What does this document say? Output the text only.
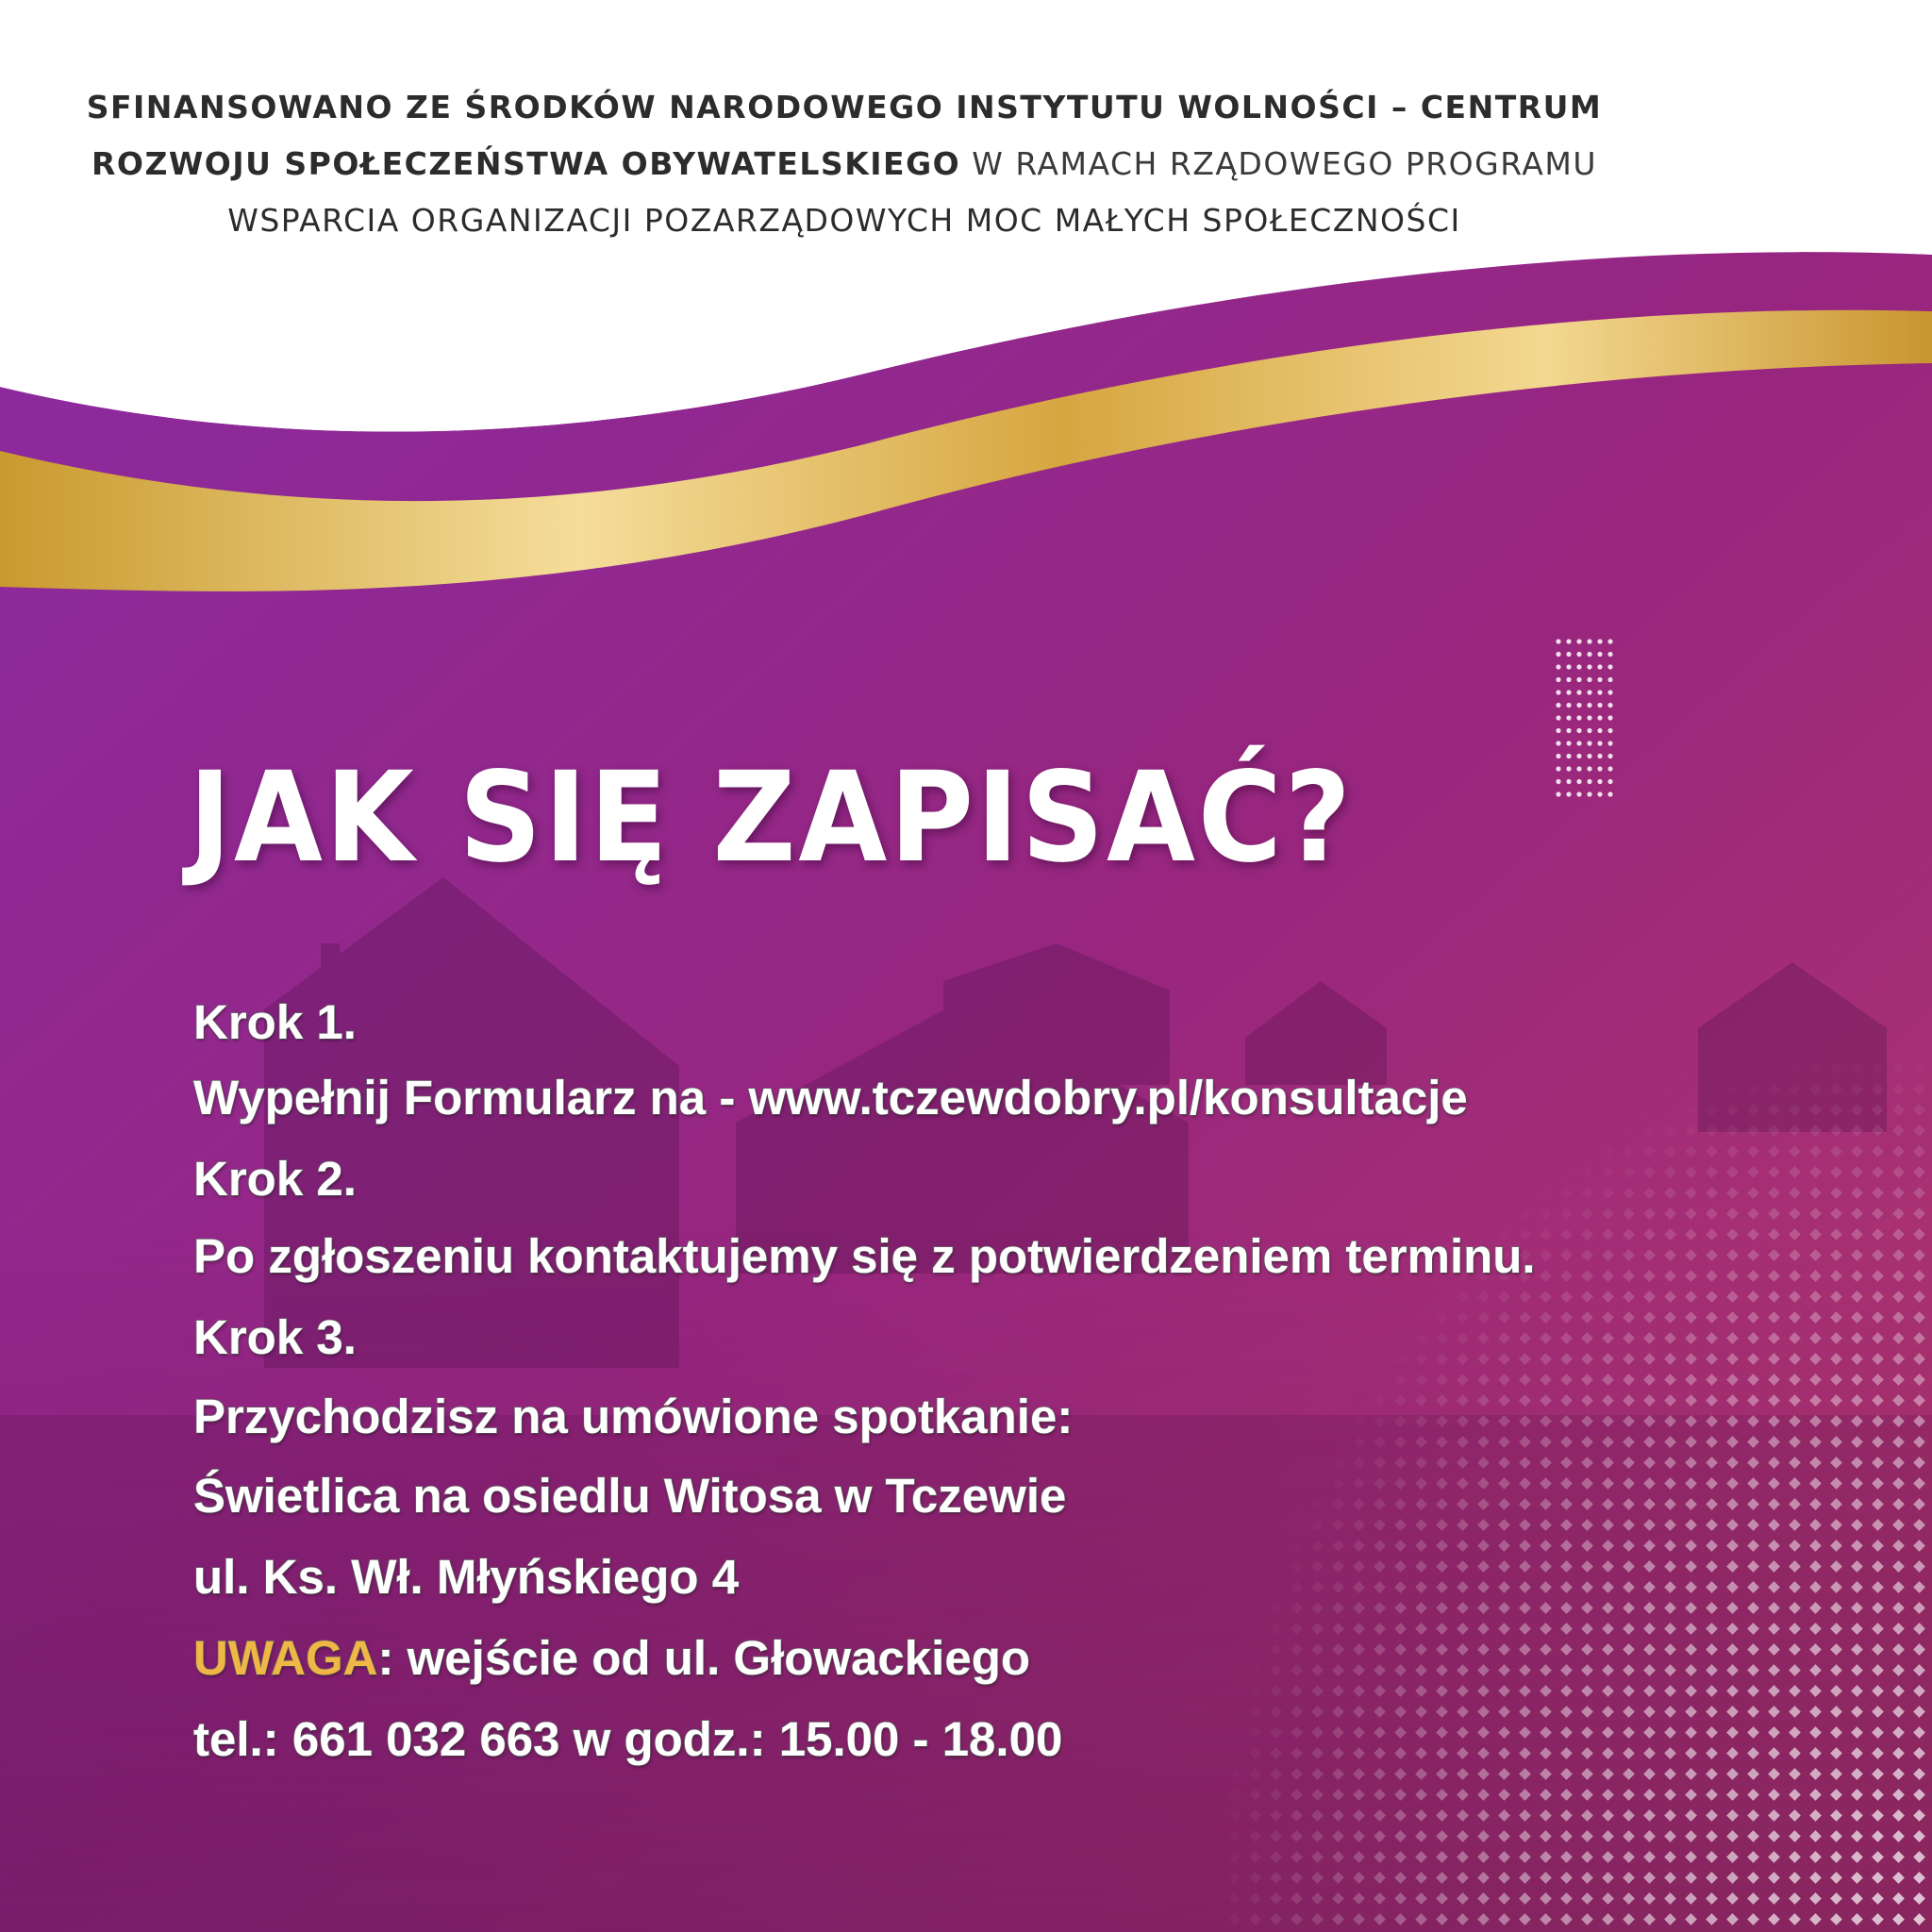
SFINANSOWANO ZE ŚRODKÓW NARODOWEGO INSTYTUTU WOLNOŚCI – CENTRUM
ROZWOJU SPOŁECZEŃSTWA OBYWATELSKIEGO W RAMACH RZĄDOWEGO PROGRAMU
WSPARCIA ORGANIZACJI POZARZĄDOWYCH MOC MAŁYCH SPOŁECZNOŚCI
JAK SIĘ ZAPISAĆ?
Krok 1.
Wypełnij Formularz na - www.tczewdobry.pl/konsultacje
Krok 2.
Po zgłoszeniu kontaktujemy się z potwierdzeniem terminu.
Krok 3.
Przychodzisz na umówione spotkanie:
Świetlica na osiedlu Witosa w Tczewie
ul. Ks. Wł. Młyńskiego 4
UWAGA: wejście od ul. Głowackiego
tel.: 661 032 663 w godz.: 15.00 - 18.00
